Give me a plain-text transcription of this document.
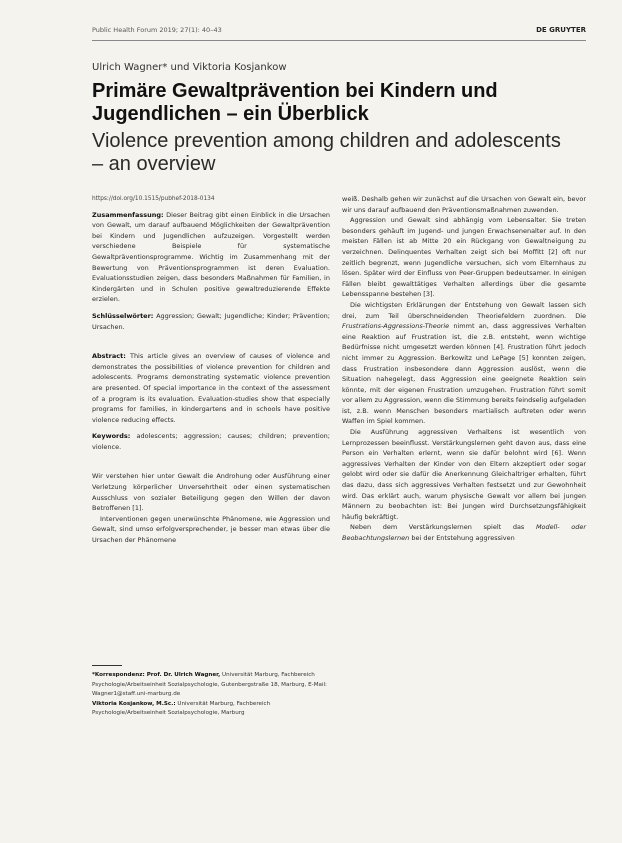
Public Health Forum 2019; 27(1): 40–43	DE GRUYTER
Ulrich Wagner* und Viktoria Kosjankow
Primäre Gewaltprävention bei Kindern und Jugendlichen – ein Überblick
Violence prevention among children and adolescents – an overview

https://doi.org/10.1515/pubhef-2018-0134

Zusammenfassung: Dieser Beitrag gibt einen Einblick in die Ursachen von Gewalt, um darauf aufbauend Möglichkeiten der Gewaltprävention bei Kindern und Jugendlichen aufzuzeigen. Vorgestellt werden verschiedene Beispiele für systematische Gewaltpräventionsprogramme. Wichtig im Zusammenhang mit der Bewertung von Präventionsprogrammen ist deren Evaluation. Evaluationsstudien zeigen, dass besonders Maßnahmen für Familien, in Kindergärten und in Schulen positive gewaltreduzierende Effekte erzielen.

Schlüsselwörter: Aggression; Gewalt; Jugendliche; Kinder; Prävention; Ursachen.

Abstract: This article gives an overview of causes of violence and demonstrates the possibilities of violence prevention for children and adolescents. Programs demonstrating systematic violence prevention are presented. Of special importance in the context of the assessment of a program is its evaluation. Evaluation-studies show that especially programs for families, in kindergartens and in schools have positive violence reducing effects.

Keywords: adolescents; aggression; causes; children; prevention; violence.

Wir verstehen hier unter Gewalt die Androhung oder Ausführung einer Verletzung körperlicher Unversehrtheit oder einen systematischen Ausschluss von sozialer Beteiligung gegen den Willen der davon Betroffenen [1].

Interventionen gegen unerwünschte Phänomene, wie Aggression und Gewalt, sind umso erfolgversprechender, je besser man etwas über die Ursachen der Phänomene

*Korrespondenz: Prof. Dr. Ulrich Wagner, Universität Marburg, Fachbereich Psychologie/Arbeitseinheit Sozialpsychologie, Gutenbergstraße 18, Marburg, E-Mail: Wagner1@staff.uni-marburg.de
Viktoria Kosjankow, M.Sc.: Universität Marburg, Fachbereich Psychologie/Arbeitseinheit Sozialpsychologie, Marburg

weiß. Deshalb gehen wir zunächst auf die Ursachen von Gewalt ein, bevor wir uns darauf aufbauend den Präventionsmaßnahmen zuwenden.

Aggression und Gewalt sind abhängig vom Lebensalter. Sie treten besonders gehäuft im Jugend- und jungen Erwachsenenalter auf. In den meisten Fällen ist ab Mitte 20 ein Rückgang von Gewaltneigung zu verzeichnen. Delinquentes Verhalten zeigt sich bei Moffitt [2] oft nur zeitlich begrenzt, wenn Jugendliche versuchen, sich vom Elternhaus zu lösen. Später wird der Einfluss von Peer-Gruppen bedeutsamer. In einigen Fällen bleibt gewalttätiges Verhalten allerdings über die gesamte Lebensspanne bestehen [3].

Die wichtigsten Erklärungen der Entstehung von Gewalt lassen sich drei, zum Teil überschneidenden Theoriefeldern zuordnen. Die Frustrations-Aggressions-Theorie nimmt an, dass aggressives Verhalten eine Reaktion auf Frustration ist, die z.B. entsteht, wenn wichtige Bedürfnisse nicht umgesetzt werden können [4]. Frustration führt jedoch nicht immer zu Aggression. Berkowitz und LePage [5] konnten zeigen, dass Frustration insbesondere dann Aggression auslöst, wenn die Situation nahegelegt, dass Aggression eine geeignete Reaktion sein könnte, mit der eigenen Frustration umzugehen. Frustration führt somit vor allem zu Aggression, wenn die Stimmung bereits feindselig aufgeladen ist, z.B. wenn Menschen besonders martialisch auftreten oder wenn Waffen im Spiel kommen.

Die Ausführung aggressiven Verhaltens ist wesentlich von Lernprozessen beeinflusst. Verstärkungslernen geht davon aus, dass eine Person ein Verhalten erlernt, wenn sie dafür belohnt wird [6]. Wenn aggressives Verhalten der Kinder von den Eltern akzeptiert oder sogar gelobt wird oder sie dafür die Anerkennung Gleichaltriger erhalten, führt das dazu, dass sich aggressives Verhalten festsetzt und zur Gewohnheit wird. Das erklärt auch, warum physische Gewalt vor allem bei jungen Männern zu beobachten ist: Bei Jungen wird Durchsetzungsfähigkeit häufig bekräftigt.

Neben dem Verstärkungslernen spielt das Modell- oder Beobachtungslernen bei der Entstehung aggressiven
